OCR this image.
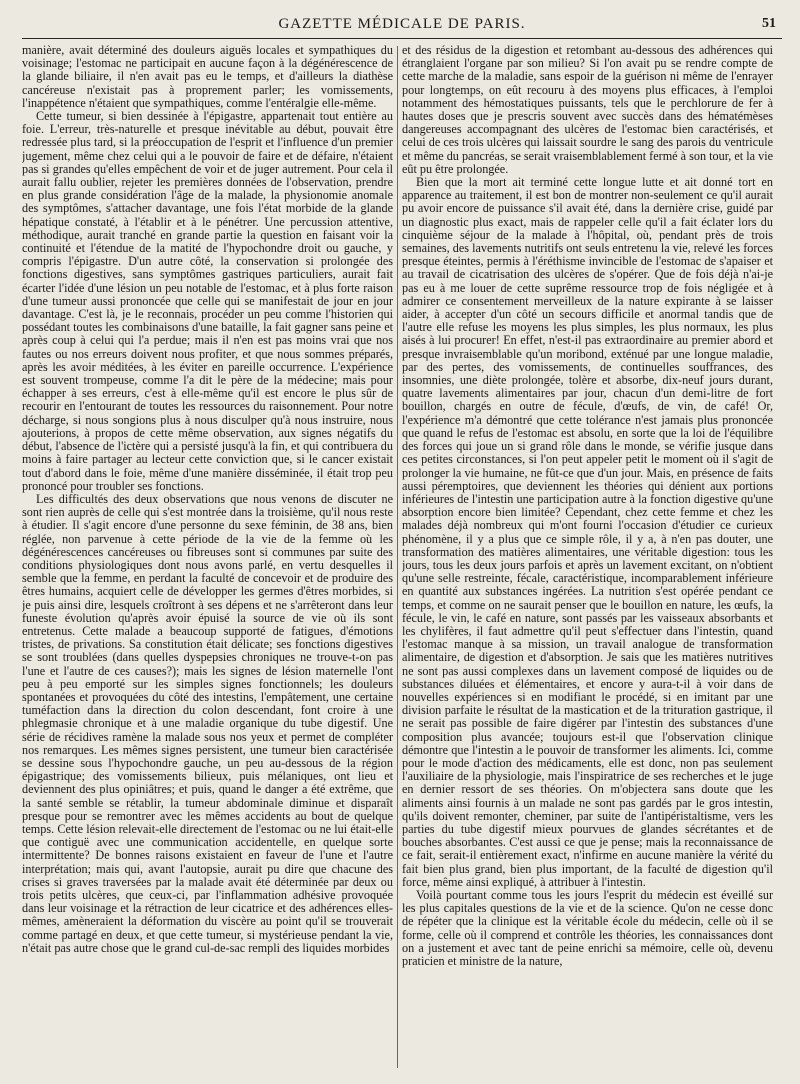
GAZETTE MÉDICALE DE PARIS.	51

manière, avait déterminé des douleurs aiguës locales et sympathiques du voisinage; l'estomac ne participait en aucune façon à la dégénérescence de la glande biliaire, il n'en avait pas eu le temps, et d'ailleurs la diathèse cancéreuse n'existait pas à proprement parler; les vomissements, l'inappétence n'étaient que sympathiques, comme l'entéralgie elle-même.

Cette tumeur, si bien dessinée à l'épigastre, appartenait tout entière au foie. L'erreur, très-naturelle et presque inévitable au début, pouvait être redressée plus tard, si la préoccupation de l'esprit et l'influence d'un premier jugement, même chez celui qui a le pouvoir de faire et de défaire, n'étaient pas si grandes qu'elles empêchent de voir et de juger autrement. Pour cela il aurait fallu oublier, rejeter les premières données de l'observation, prendre en plus grande considération l'âge de la malade, la physionomie anomale des symptômes, s'attacher davantage, une fois l'état morbide de la glande hépatique constaté, à l'établir et à le pénétrer. Une percussion attentive, méthodique, aurait tranché en grande partie la question en faisant voir la continuité et l'étendue de la matité de l'hypochondre droit ou gauche, y compris l'épigastre. D'un autre côté, la conservation si prolongée des fonctions digestives, sans symptômes gastriques particuliers, aurait fait écarter l'idée d'une lésion un peu notable de l'estomac, et à plus forte raison d'une tumeur aussi prononcée que celle qui se manifestait de jour en jour davantage. C'est là, je le reconnais, procéder un peu comme l'historien qui possédant toutes les combinaisons d'une bataille, la fait gagner sans peine et après coup à celui qui l'a perdue; mais il n'en est pas moins vrai que nos fautes ou nos erreurs doivent nous profiter, et que nous sommes préparés, après les avoir méditées, à les éviter en pareille occurrence. L'expérience est souvent trompeuse, comme l'a dit le père de la médecine; mais pour échapper à ses erreurs, c'est à elle-même qu'il est encore le plus sûr de recourir en l'entourant de toutes les ressources du raisonnement. Pour notre décharge, si nous songions plus à nous disculper qu'à nous instruire, nous ajouterions, à propos de cette même observation, aux signes négatifs du début, l'absence de l'ictère qui a persisté jusqu'à la fin, et qui contribuera du moins à faire partager au lecteur cette conviction que, si le cancer existait tout d'abord dans le foie, même d'une manière disséminée, il était trop peu prononcé pour troubler ses fonctions.

Les difficultés des deux observations que nous venons de discuter ne sont rien auprès de celle qui s'est montrée dans la troisième, qu'il nous reste à étudier. Il s'agit encore d'une personne du sexe féminin, de 38 ans, bien réglée, non parvenue à cette période de la vie de la femme où les dégénérescences cancéreuses ou fibreuses sont si communes par suite des conditions physiologiques dont nous avons parlé, en vertu desquelles il semble que la femme, en perdant la faculté de concevoir et de produire des êtres humains, acquiert celle de développer les germes d'êtres morbides, si je puis ainsi dire, lesquels croîtront à ses dépens et ne s'arrêteront dans leur funeste évolution qu'après avoir épuisé la source de vie où ils sont entretenus. Cette malade a beaucoup supporté de fatigues, d'émotions tristes, de privations. Sa constitution était délicate; ses fonctions digestives se sont troublées (dans quelles dyspepsies chroniques ne trouve-t-on pas l'une et l'autre de ces causes?); mais les signes de lésion maternelle l'ont peu à peu emporté sur les simples signes fonctionnels; les douleurs spontanées et provoquées du côté des intestins, l'empâtement, une certaine tuméfaction dans la direction du colon descendant, font croire à une phlegmasie chronique et à une maladie organique du tube digestif. Une série de récidives ramène la malade sous nos yeux et permet de compléter nos remarques. Les mêmes signes persistent, une tumeur bien caractérisée se dessine sous l'hypochondre gauche, un peu au-dessous de la région épigastrique; des vomissements bilieux, puis mélaniques, ont lieu et deviennent des plus opiniâtres; et puis, quand le danger a été extrême, que la santé semble se rétablir, la tumeur abdominale diminue et disparaît presque pour se remontrer avec les mêmes accidents au bout de quelque temps. Cette lésion relevait-elle directement de l'estomac ou ne lui était-elle que contiguë avec une communication accidentelle, en quelque sorte intermittente? De bonnes raisons existaient en faveur de l'une et l'autre interprétation; mais qui, avant l'autopsie, aurait pu dire que chacune des crises si graves traversées par la malade avait été déterminée par deux ou trois petits ulcères, que ceux-ci, par l'inflammation adhésive provoquée dans leur voisinage et la rétraction de leur cicatrice et des adhérences elles-mêmes, amèneraient la déformation du viscère au point qu'il se trouverait comme partagé en deux, et que cette tumeur, si mystérieuse pendant la vie, n'était pas autre chose que le grand cul-de-sac rempli des liquides morbides

et des résidus de la digestion et retombant au-dessous des adhérences qui étranglaient l'organe par son milieu? Si l'on avait pu se rendre compte de cette marche de la maladie, sans espoir de la guérison ni même de l'enrayer pour longtemps, on eût recouru à des moyens plus efficaces, à l'emploi notamment des hémostatiques puissants, tels que le perchlorure de fer à hautes doses que je prescris souvent avec succès dans des hématémèses dangereuses accompagnant des ulcères de l'estomac bien caractérisés, et celui de ces trois ulcères qui laissait sourdre le sang des parois du ventricule et même du pancréas, se serait vraisemblablement fermé à son tour, et la vie eût pu être prolongée.

Bien que la mort ait terminé cette longue lutte et ait donné tort en apparence au traitement, il est bon de montrer non-seulement ce qu'il aurait pu avoir encore de puissance s'il avait été, dans la dernière crise, guidé par un diagnostic plus exact, mais de rappeler celle qu'il a fait éclater lors du cinquième séjour de la malade à l'hôpital, où, pendant près de trois semaines, des lavements nutritifs ont seuls entretenu la vie, relevé les forces presque éteintes, permis à l'éréthisme invincible de l'estomac de s'apaiser et au travail de cicatrisation des ulcères de s'opérer. Que de fois déjà n'ai-je pas eu à me louer de cette suprême ressource trop de fois négligée et à admirer ce consentement merveilleux de la nature expirante à se laisser aider, à accepter d'un côté un secours difficile et anormal tandis que de l'autre elle refuse les moyens les plus simples, les plus normaux, les plus aisés à lui procurer! En effet, n'est-il pas extraordinaire au premier abord et presque invraisemblable qu'un moribond, exténué par une longue maladie, par des pertes, des vomissements, de continuelles souffrances, des insomnies, une diète prolongée, tolère et absorbe, dix-neuf jours durant, quatre lavements alimentaires par jour, chacun d'un demi-litre de fort bouillon, chargés en outre de fécule, d'œufs, de vin, de café! Or, l'expérience m'a démontré que cette tolérance n'est jamais plus prononcée que quand le refus de l'estomac est absolu, en sorte que la loi de l'équilibre des forces qui joue un si grand rôle dans le monde, se vérifie jusque dans ces petites circonstances, si l'on peut appeler petit le moment où il s'agit de prolonger la vie humaine, ne fût-ce que d'un jour. Mais, en présence de faits aussi péremptoires, que deviennent les théories qui dénient aux portions inférieures de l'intestin une participation autre à la fonction digestive qu'une absorption encore bien limitée? Cependant, chez cette femme et chez les malades déjà nombreux qui m'ont fourni l'occasion d'étudier ce curieux phénomène, il y a plus que ce simple rôle, il y a, à n'en pas douter, une transformation des matières alimentaires, une véritable digestion: tous les jours, tous les deux jours parfois et après un lavement excitant, on n'obtient qu'une selle restreinte, fécale, caractéristique, incomparablement inférieure en quantité aux substances ingérées. La nutrition s'est opérée pendant ce temps, et comme on ne saurait penser que le bouillon en nature, les œufs, la fécule, le vin, le café en nature, sont passés par les vaisseaux absorbants et les chylifères, il faut admettre qu'il peut s'effectuer dans l'intestin, quand l'estomac manque à sa mission, un travail analogue de transformation alimentaire, de digestion et d'absorption. Je sais que les matières nutritives ne sont pas aussi complexes dans un lavement composé de liquides ou de substances diluées et élémentaires, et encore y aura-t-il à voir dans de nouvelles expériences si en modifiant le procédé, si en imitant par une division parfaite le résultat de la mastication et de la trituration gastrique, il ne serait pas possible de faire digérer par l'intestin des substances d'une composition plus avancée; toujours est-il que l'observation clinique démontre que l'intestin a le pouvoir de transformer les aliments. Ici, comme pour le mode d'action des médicaments, elle est donc, non pas seulement l'auxiliaire de la physiologie, mais l'inspiratrice de ses recherches et le juge en dernier ressort de ses théories. On m'objectera sans doute que les aliments ainsi fournis à un malade ne sont pas gardés par le gros intestin, qu'ils doivent remonter, cheminer, par suite de l'antipéristaltisme, vers les parties du tube digestif mieux pourvues de glandes sécrétantes et de bouches absorbantes. C'est aussi ce que je pense; mais la reconnaissance de ce fait, serait-il entièrement exact, n'infirme en aucune manière la vérité du fait bien plus grand, bien plus important, de la faculté de digestion qu'il force, même ainsi expliqué, à attribuer à l'intestin.

Voilà pourtant comme tous les jours l'esprit du médecin est éveillé sur les plus capitales questions de la vie et de la science. Qu'on ne cesse donc de répéter que la clinique est la véritable école du médecin, celle où il se forme, celle où il comprend et contrôle les théories, les connaissances dont on a justement et avec tant de peine enrichi sa mémoire, celle où, devenu praticien et ministre de la nature,
